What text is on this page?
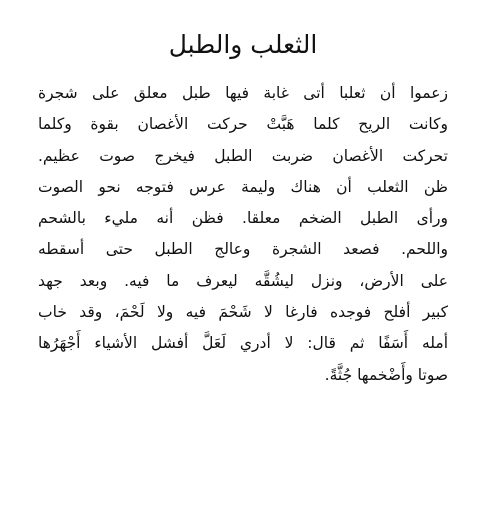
الثعلب والطبل
زعموا أن ثعلبا أتى غابة فيها طبل معلق على شجرة
وكانت الريح كلما هَبَّتْ حركت الأغصان بقوة وكلما
تحركت الأغصان ضربت الطبل فيخرج صوت عظيم.
ظن الثعلب أن هناك وليمة عرس فتوجه نحو الصوت
ورأى الطبل الضخم معلقا. فظن أنه مليء بالشحم
واللحم. فصعد الشجرة وعالج الطبل حتى أسقطه
على الأرض، ونزل ليشُقَّه ليعرف ما فيه. وبعد جهد
كبير أفلح فوجده فارغا لا شَحْمَ فيه ولا لَحْمَ، وقد خاب
أمله أَسَفًا ثم قال: لا أدري لَعَلَّ أفشل الأشياء أَجْهَرُها
صوتا وأَضْخمها جُثَّةً.
